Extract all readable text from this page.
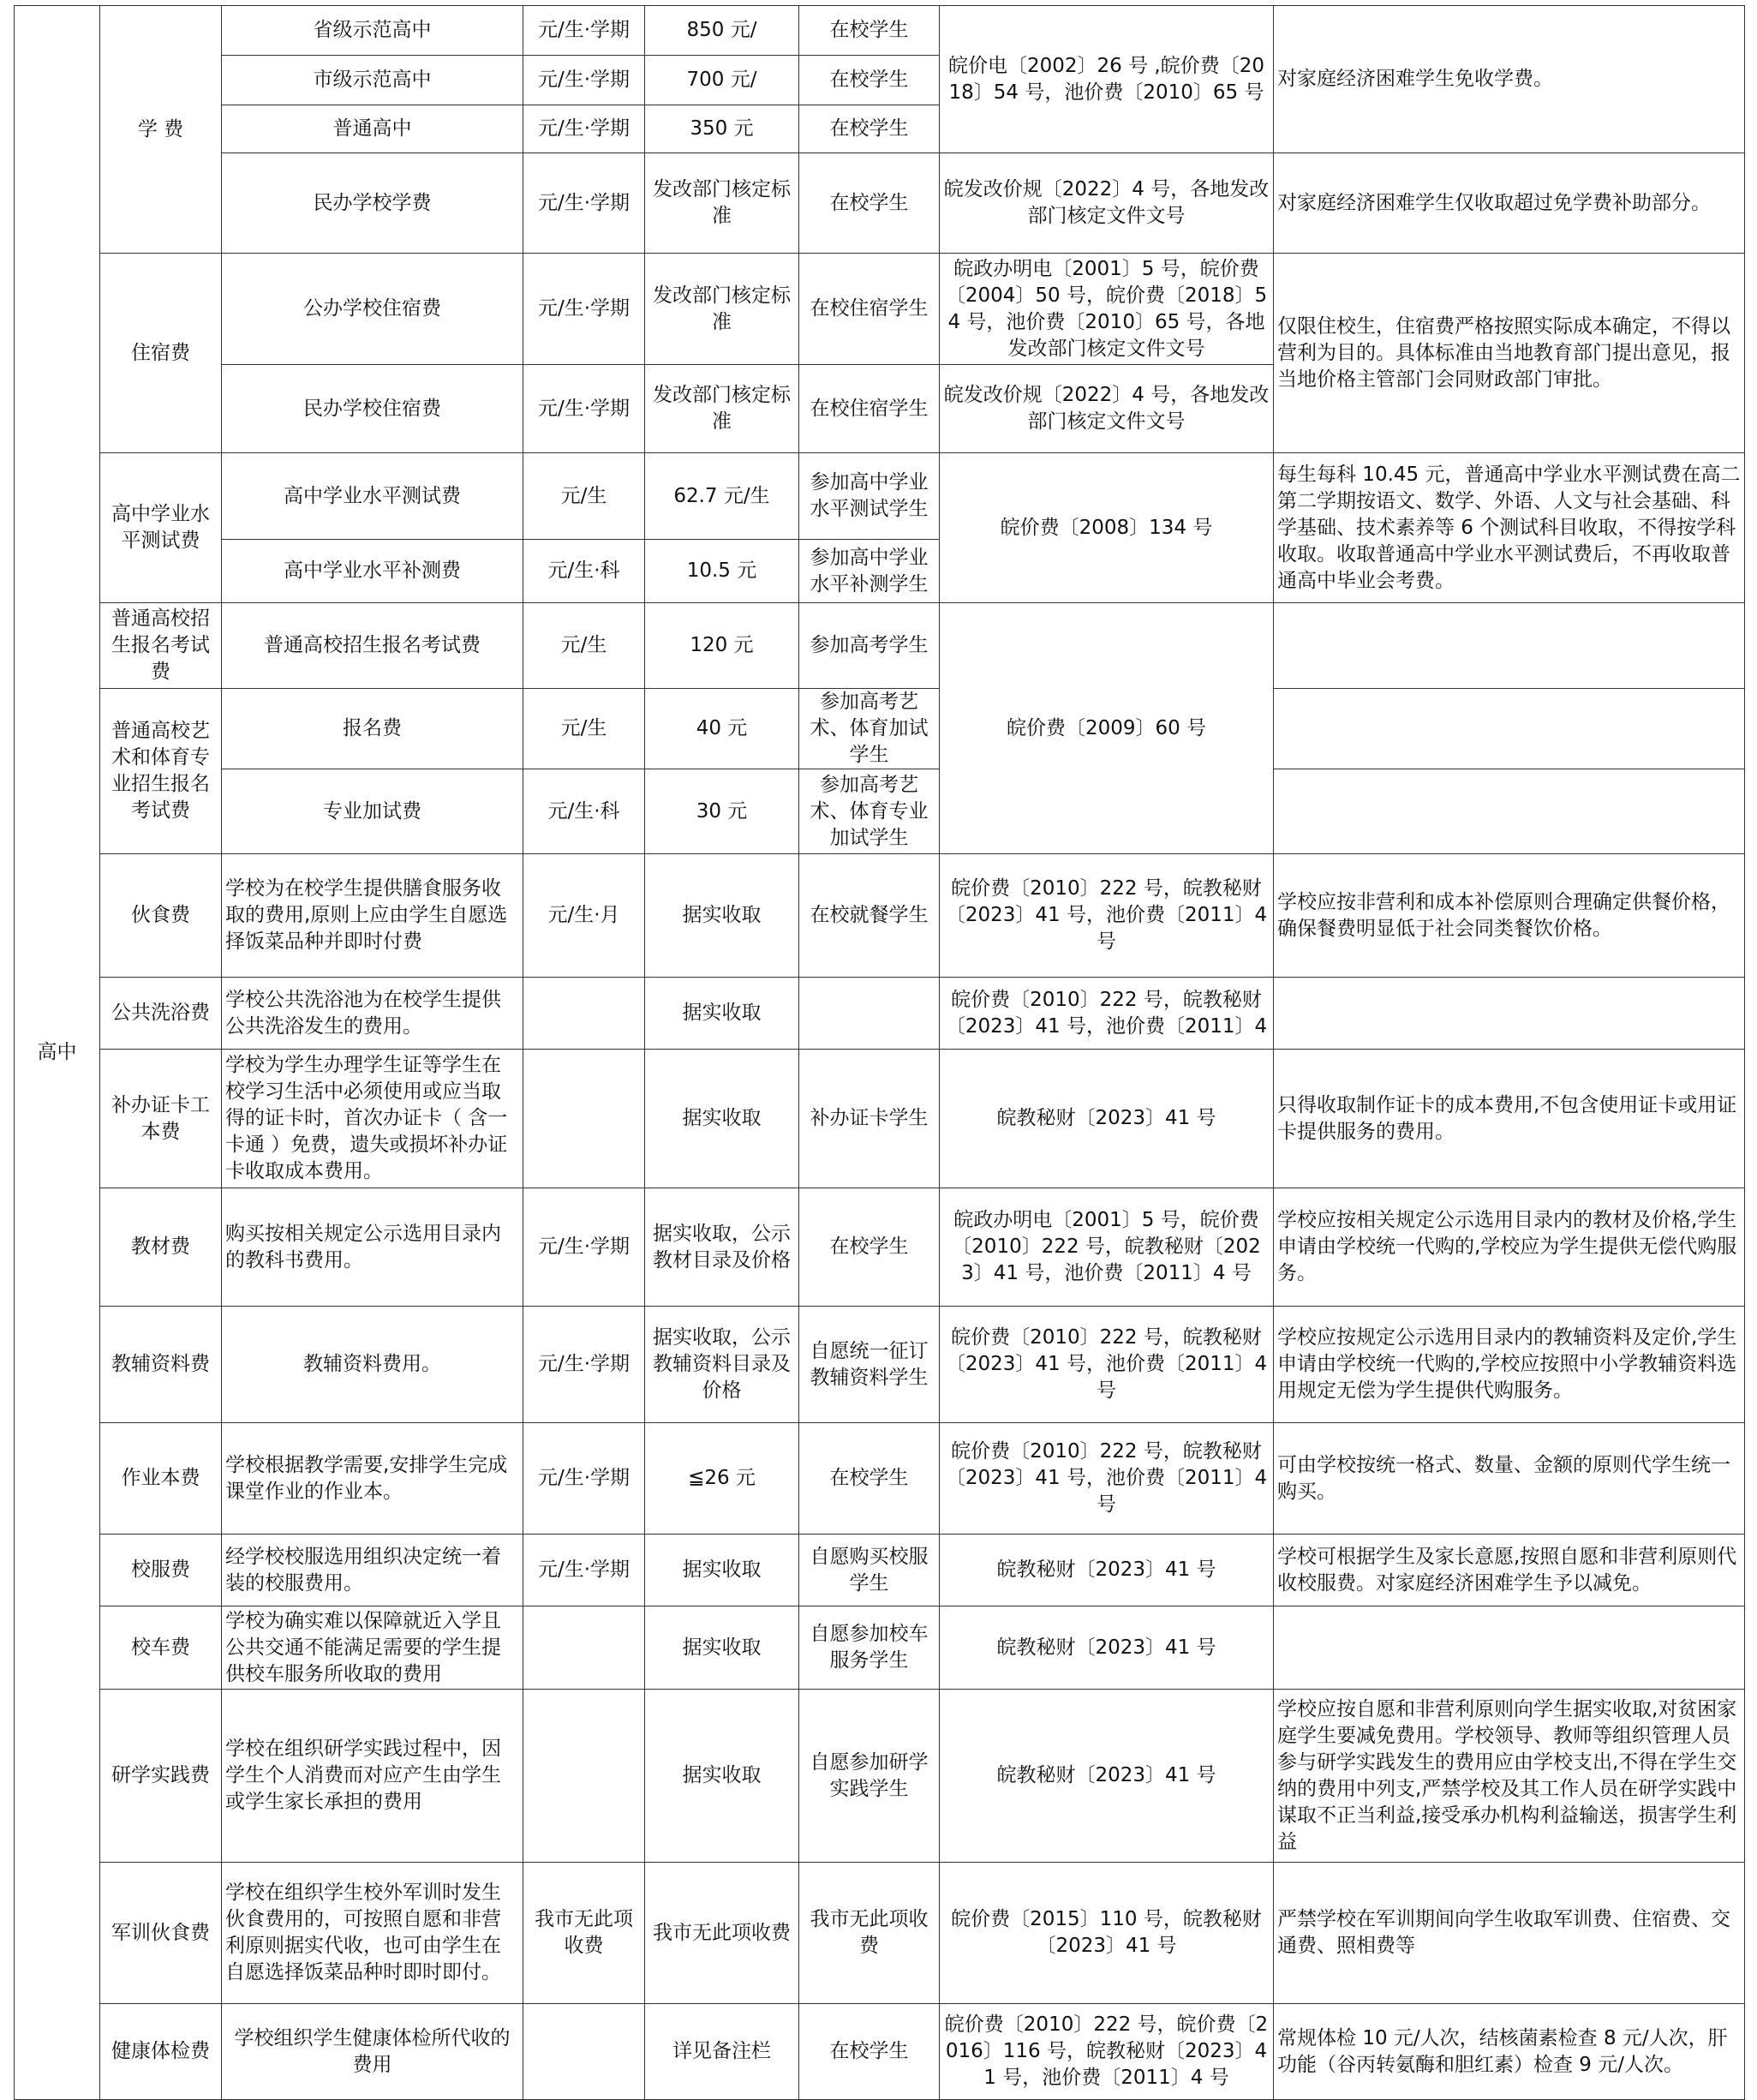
高中	学 费	省级示范高中	元/生·学期	850 元/	在校学生	皖价电〔2002〕26 号 ,皖价费〔2018〕54 号，池价费〔2010〕65 号	对家庭经济困难学生免收学费。
		市级示范高中	元/生·学期	700 元/	在校学生		
		普通高中	元/生·学期	350 元	在校学生		
		民办学校学费	元/生·学期	发改部门核定标准	在校学生	皖发改价规〔2022〕4 号，各地发改部门核定文件文号	对家庭经济困难学生仅收取超过免学费补助部分。
	住宿费	公办学校住宿费	元/生·学期	发改部门核定标准	在校住宿学生	皖政办明电〔2001〕5 号，皖价费〔2004〕50 号，皖价费〔2018〕54 号，池价费〔2010〕65 号，各地发改部门核定文件文号	仅限住校生，住宿费严格按照实际成本确定，不得以营利为目的。具体标准由当地教育部门提出意见，报当地价格主管部门会同财政部门审批。
		民办学校住宿费	元/生·学期	发改部门核定标准	在校住宿学生	皖发改价规〔2022〕4 号，各地发改部门核定文件文号	
	高中学业水平测试费	高中学业水平测试费	元/生	62.7 元/生	参加高中学业水平测试学生	皖价费〔2008〕134 号	每生每科 10.45 元，普通高中学业水平测试费在高二第二学期按语文、数学、外语、人文与社会基础、科学基础、技术素养等 6 个测试科目收取，不得按学科收取。收取普通高中学业水平测试费后，不再收取普通高中毕业会考费。
		高中学业水平补测费	元/生·科	10.5 元	参加高中学业水平补测学生		
	普通高校招生报名考试费	普通高校招生报名考试费	元/生	120 元	参加高考学生	皖价费〔2009〕60 号	
	普通高校艺术和体育专业招生报名考试费	报名费	元/生	40 元	参加高考艺术、体育加试学生		
		专业加试费	元/生·科	30 元	参加高考艺术、体育专业加试学生		
	伙食费	学校为在校学生提供膳食服务收取的费用,原则上应由学生自愿选择饭菜品种并即时付费	元/生·月	据实收取	在校就餐学生	皖价费〔2010〕222 号，皖教秘财〔2023〕41 号，池价费〔2011〕4 号	学校应按非营利和成本补偿原则合理确定供餐价格，确保餐费明显低于社会同类餐饮价格。
	公共洗浴费	学校公共洗浴池为在校学生提供公共洗浴发生的费用。		据实收取		皖价费〔2010〕222 号，皖教秘财〔2023〕41 号，池价费〔2011〕4	
	补办证卡工本费	学校为学生办理学生证等学生在校学习生活中必须使用或应当取得的证卡时，首次办证卡（ 含一卡通 ）免费，遗失或损坏补办证卡收取成本费用。		据实收取	补办证卡学生	皖教秘财〔2023〕41 号	只得收取制作证卡的成本费用,不包含使用证卡或用证卡提供服务的费用。
	教材费	购买按相关规定公示选用目录内的教科书费用。	元/生·学期	据实收取，公示教材目录及价格	在校学生	皖政办明电〔2001〕5 号，皖价费〔2010〕222 号，皖教秘财〔2023〕41 号，池价费〔2011〕4 号	学校应按相关规定公示选用目录内的教材及价格,学生申请由学校统一代购的,学校应为学生提供无偿代购服务。
	教辅资料费	教辅资料费用。	元/生·学期	据实收取，公示教辅资料目录及价格	自愿统一征订教辅资料学生	皖价费〔2010〕222 号，皖教秘财〔2023〕41 号，池价费〔2011〕4 号	学校应按规定公示选用目录内的教辅资料及定价,学生申请由学校统一代购的,学校应按照中小学教辅资料选用规定无偿为学生提供代购服务。
	作业本费	学校根据教学需要,安排学生完成课堂作业的作业本。	元/生·学期	≦26 元	在校学生	皖价费〔2010〕222 号，皖教秘财〔2023〕41 号，池价费〔2011〕4 号	可由学校按统一格式、数量、金额的原则代学生统一购买。
	校服费	经学校校服选用组织决定统一着装的校服费用。	元/生·学期	据实收取	自愿购买校服学生	皖教秘财〔2023〕41 号	学校可根据学生及家长意愿,按照自愿和非营利原则代收校服费。对家庭经济困难学生予以减免。
	校车费	学校为确实难以保障就近入学且公共交通不能满足需要的学生提供校车服务所收取的费用		据实收取	自愿参加校车服务学生	皖教秘财〔2023〕41 号	
	研学实践费	学校在组织研学实践过程中，因学生个人消费而对应产生由学生或学生家长承担的费用		据实收取	自愿参加研学实践学生	皖教秘财〔2023〕41 号	学校应按自愿和非营利原则向学生据实收取,对贫困家庭学生要减免费用。学校领导、教师等组织管理人员参与研学实践发生的费用应由学校支出,不得在学生交纳的费用中列支,严禁学校及其工作人员在研学实践中谋取不正当利益,接受承办机构利益输送，损害学生利益
	军训伙食费	学校在组织学生校外军训时发生伙食费用的，可按照自愿和非营利原则据实代收，也可由学生在自愿选择饭菜品种时即时即付。	我市无此项收费	我市无此项收费	我市无此项收费	皖价费〔2015〕110 号，皖教秘财〔2023〕41 号	严禁学校在军训期间向学生收取军训费、住宿费、交通费、照相费等
	健康体检费	学校组织学生健康体检所代收的费用		详见备注栏	在校学生	皖价费〔2010〕222 号，皖价费〔2016〕116 号，皖教秘财〔2023〕41 号，池价费〔2011〕4 号	常规体检 10 元/人次，结核菌素检查 8 元/人次，肝功能（谷丙转氨酶和胆红素）检查 9 元/人次。
